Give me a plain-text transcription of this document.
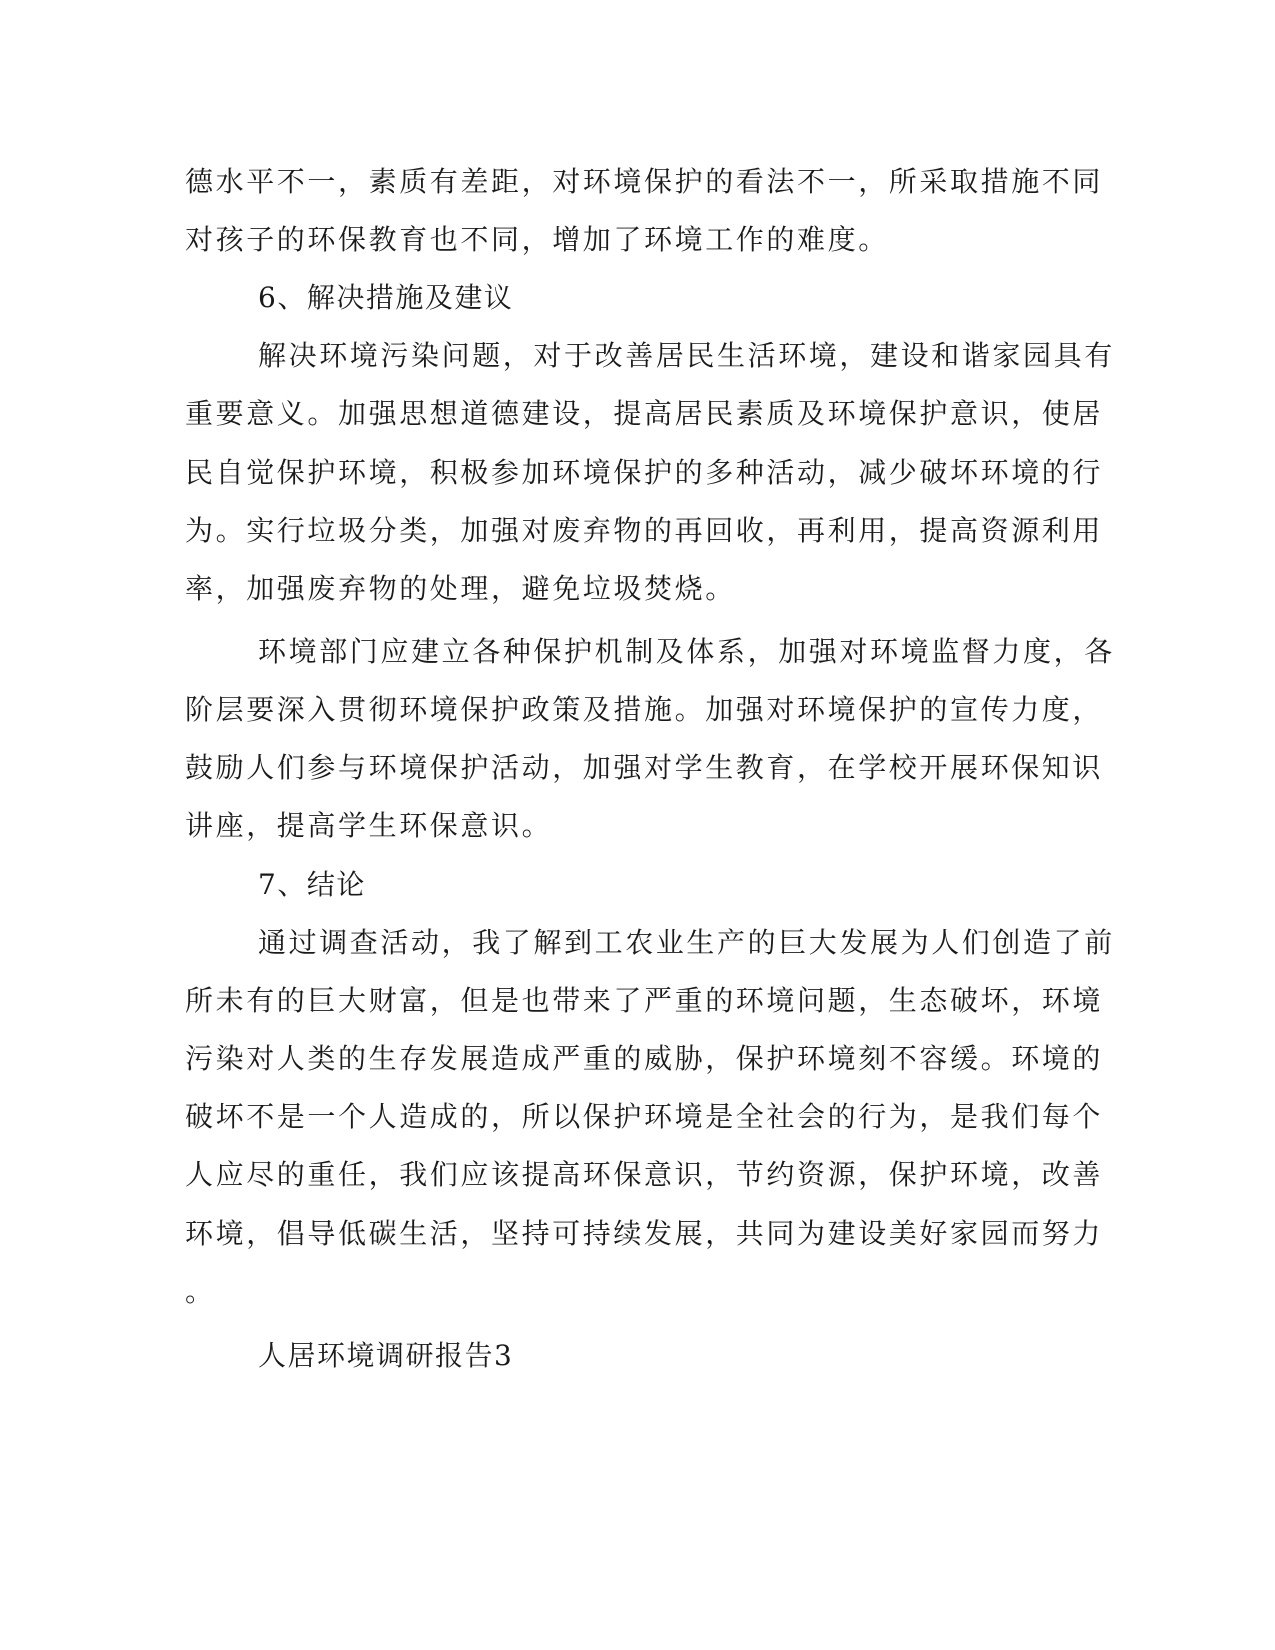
德水平不一，素质有差距，对环境保护的看法不一，所采取措施不同
对孩子的环保教育也不同，增加了环境工作的难度。
6、解决措施及建议
解决环境污染问题，对于改善居民生活环境，建设和谐家园具有
重要意义。加强思想道德建设，提高居民素质及环境保护意识，使居
民自觉保护环境，积极参加环境保护的多种活动，减少破坏环境的行
为。实行垃圾分类，加强对废弃物的再回收，再利用，提高资源利用
率，加强废弃物的处理，避免垃圾焚烧。
环境部门应建立各种保护机制及体系，加强对环境监督力度，各
阶层要深入贯彻环境保护政策及措施。加强对环境保护的宣传力度，
鼓励人们参与环境保护活动，加强对学生教育，在学校开展环保知识
讲座，提高学生环保意识。
7、结论
通过调查活动，我了解到工农业生产的巨大发展为人们创造了前
所未有的巨大财富，但是也带来了严重的环境问题，生态破坏，环境
污染对人类的生存发展造成严重的威胁，保护环境刻不容缓。环境的
破坏不是一个人造成的，所以保护环境是全社会的行为，是我们每个
人应尽的重任，我们应该提高环保意识，节约资源，保护环境，改善
环境，倡导低碳生活，坚持可持续发展，共同为建设美好家园而努力
。
人居环境调研报告3
